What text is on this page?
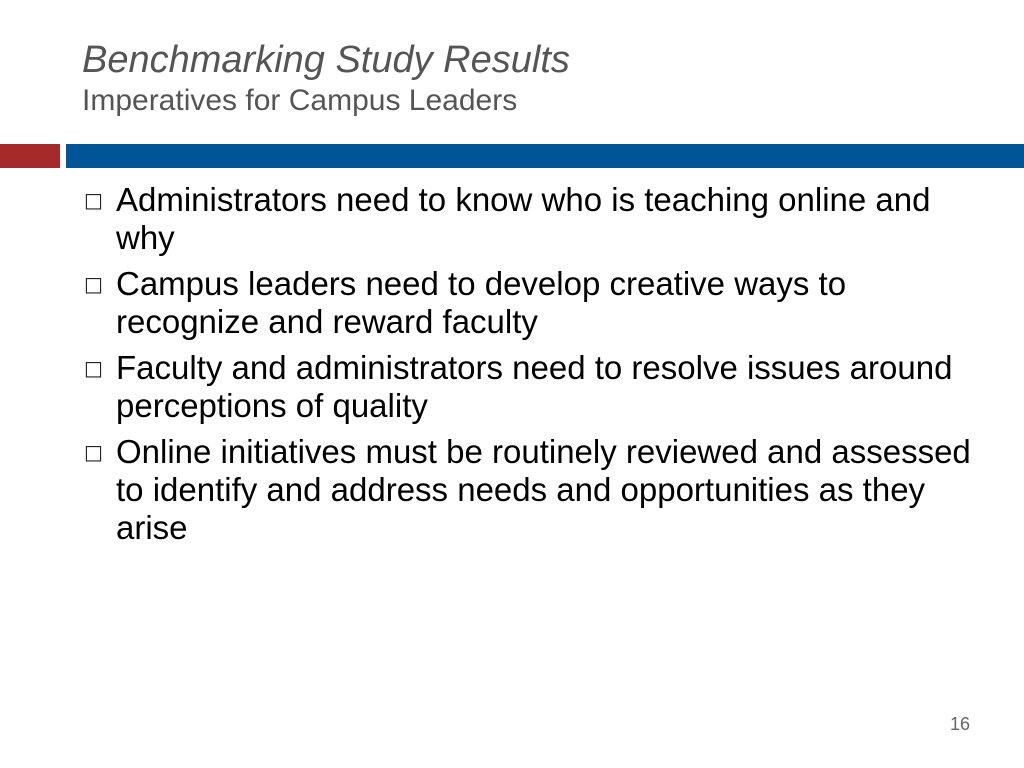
Benchmarking Study Results
Imperatives for Campus Leaders
□ Administrators need to know who is teaching online and why
□ Campus leaders need to develop creative ways to recognize and reward faculty
□ Faculty and administrators need to resolve issues around perceptions of quality
□ Online initiatives must be routinely reviewed and assessed to identify and address needs and opportunities as they arise
16
